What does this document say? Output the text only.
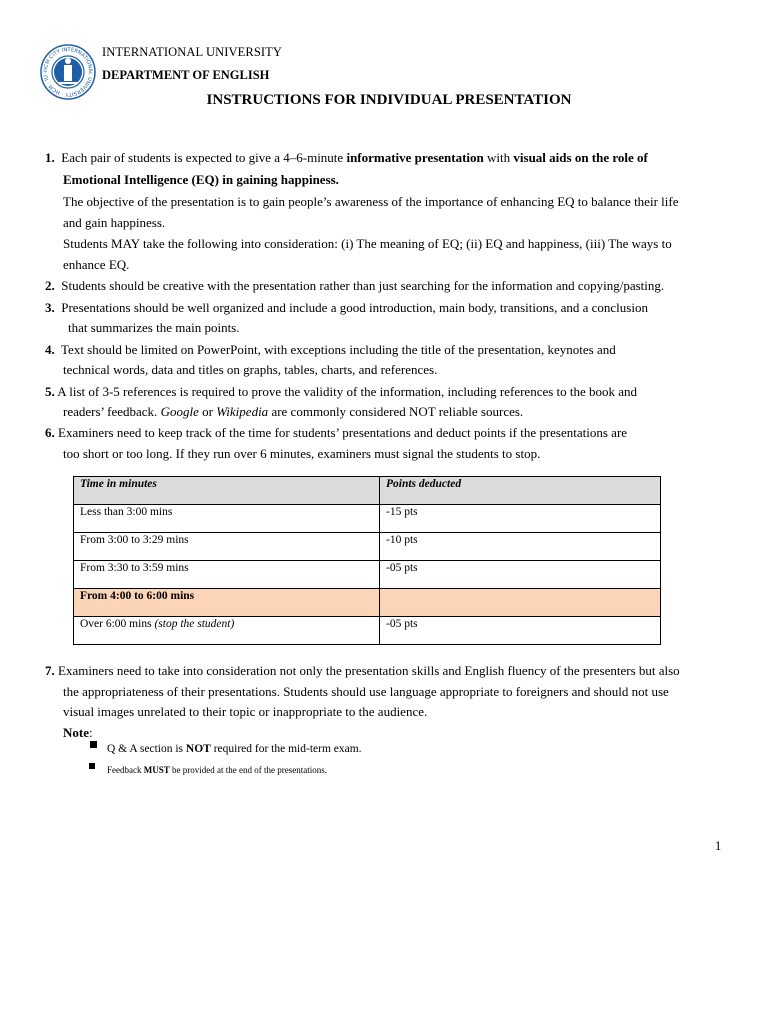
HCM CITY INTERNATIONAL UNIVERSITY · HCM · IU ·
INTERNATIONAL UNIVERSITY
DEPARTMENT OF ENGLISH
INSTRUCTIONS FOR INDIVIDUAL PRESENTATION
1. Each pair of students is expected to give a 4–6-minute informative presentation with visual aids on the role of
Emotional Intelligence (EQ) in gaining happiness.
The objective of the presentation is to gain people’s awareness of the importance of enhancing EQ to balance their life
and gain happiness.
Students MAY take the following into consideration: (i) The meaning of EQ; (ii) EQ and happiness, (iii) The ways to
enhance EQ.
2. Students should be creative with the presentation rather than just searching for the information and copying/pasting.
3. Presentations should be well organized and include a good introduction, main body, transitions, and a conclusion
that summarizes the main points.
4. Text should be limited on PowerPoint, with exceptions including the title of the presentation, keynotes and
technical words, data and titles on graphs, tables, charts, and references.
5. A list of 3-5 references is required to prove the validity of the information, including references to the book and
readers’ feedback. Google or Wikipedia are commonly considered NOT reliable sources.
6. Examiners need to keep track of the time for students’ presentations and deduct points if the presentations are
too short or too long. If they run over 6 minutes, examiners must signal the students to stop.
Time in minutes	Points deducted
Less than 3:00 mins	-15 pts
From 3:00 to 3:29 mins	-10 pts
From 3:30 to 3:59 mins	-05 pts
From 4:00 to 6:00 mins	
Over 6:00 mins (stop the student)	-05 pts
7. Examiners need to take into consideration not only the presentation skills and English fluency of the presenters but also
the appropriateness of their presentations. Students should use language appropriate to foreigners and should not use
visual images unrelated to their topic or inappropriate to the audience.
Note:
Q & A section is NOT required for the mid-term exam.
Feedback MUST be provided at the end of the presentations.
1
